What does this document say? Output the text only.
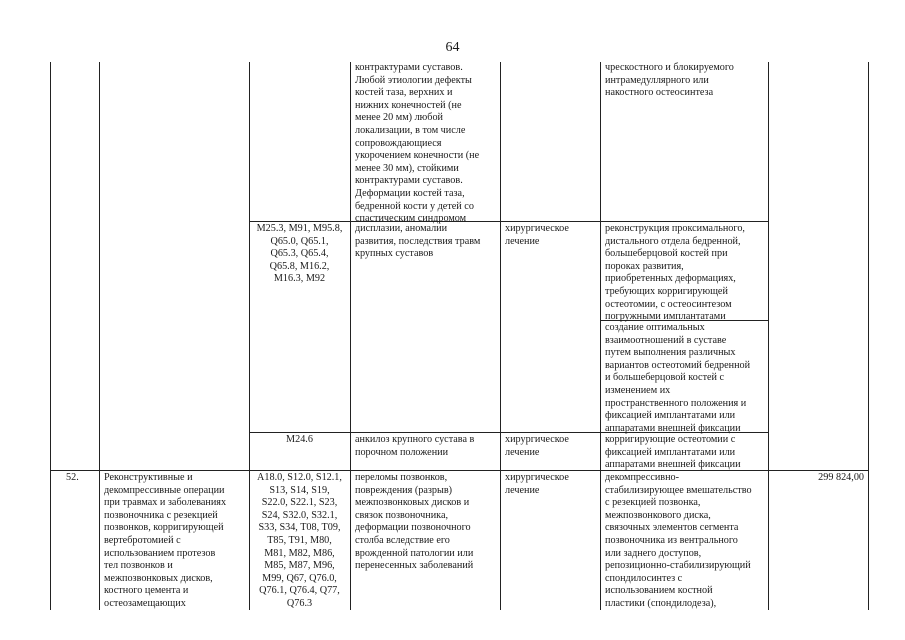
64
контрактурами суставов.
Любой этиологии дефекты
костей таза, верхних и
нижних конечностей (не
менее 20 мм) любой
локализации, в том числе
сопровождающиеся
укорочением конечности (не
менее 30 мм), стойкими
контрактурами суставов.
Деформации костей таза,
бедренной кости у детей со
спастическим синдромом
чрескостного и блокируемого
интрамедуллярного или
накостного остеосинтеза
M25.3, M91, M95.8,
Q65.0, Q65.1,
Q65.3, Q65.4,
Q65.8, M16.2,
M16.3, M92
дисплазии, аномалии
развития, последствия травм
крупных суставов
хирургическое
лечение
реконструкция проксимального,
дистального отдела бедренной,
большеберцовой костей при
пороках развития,
приобретенных деформациях,
требующих корригирующей
остеотомии, с остеосинтезом
погружными имплантатами
создание оптимальных
взаимоотношений в суставе
путем выполнения различных
вариантов остеотомий бедренной
и большеберцовой костей с
изменением их
пространственного положения и
фиксацией имплантатами или
аппаратами внешней фиксации
M24.6	анкилоз крупного сустава в
порочном положении
хирургическое
лечение
корригирующие остеотомии с
фиксацией имплантатами или
аппаратами внешней фиксации
52.	Реконструктивные и
декомпрессивные операции
при травмах и заболеваниях
позвоночника с резекцией
позвонков, корригирующей
вертебротомией с
использованием протезов
тел позвонков и
межпозвонковых дисков,
костного цемента и
остеозамещающих
A18.0, S12.0, S12.1,
S13, S14, S19,
S22.0, S22.1, S23,
S24, S32.0, S32.1,
S33, S34, T08, T09,
T85, T91, M80,
M81, M82, M86,
M85, M87, M96,
M99, Q67, Q76.0,
Q76.1, Q76.4, Q77,
Q76.3
переломы позвонков,
повреждения (разрыв)
межпозвонковых дисков и
связок позвоночника,
деформации позвоночного
столба вследствие его
врожденной патологии или
перенесенных заболеваний
хирургическое
лечение
декомпрессивно-
стабилизирующее вмешательство
с резекцией позвонка,
межпозвонкового диска,
связочных элементов сегмента
позвоночника из вентрального
или заднего доступов,
репозиционно-стабилизирующий
спондилосинтез с
использованием костной
пластики (спондилодеза),
299 824,00
